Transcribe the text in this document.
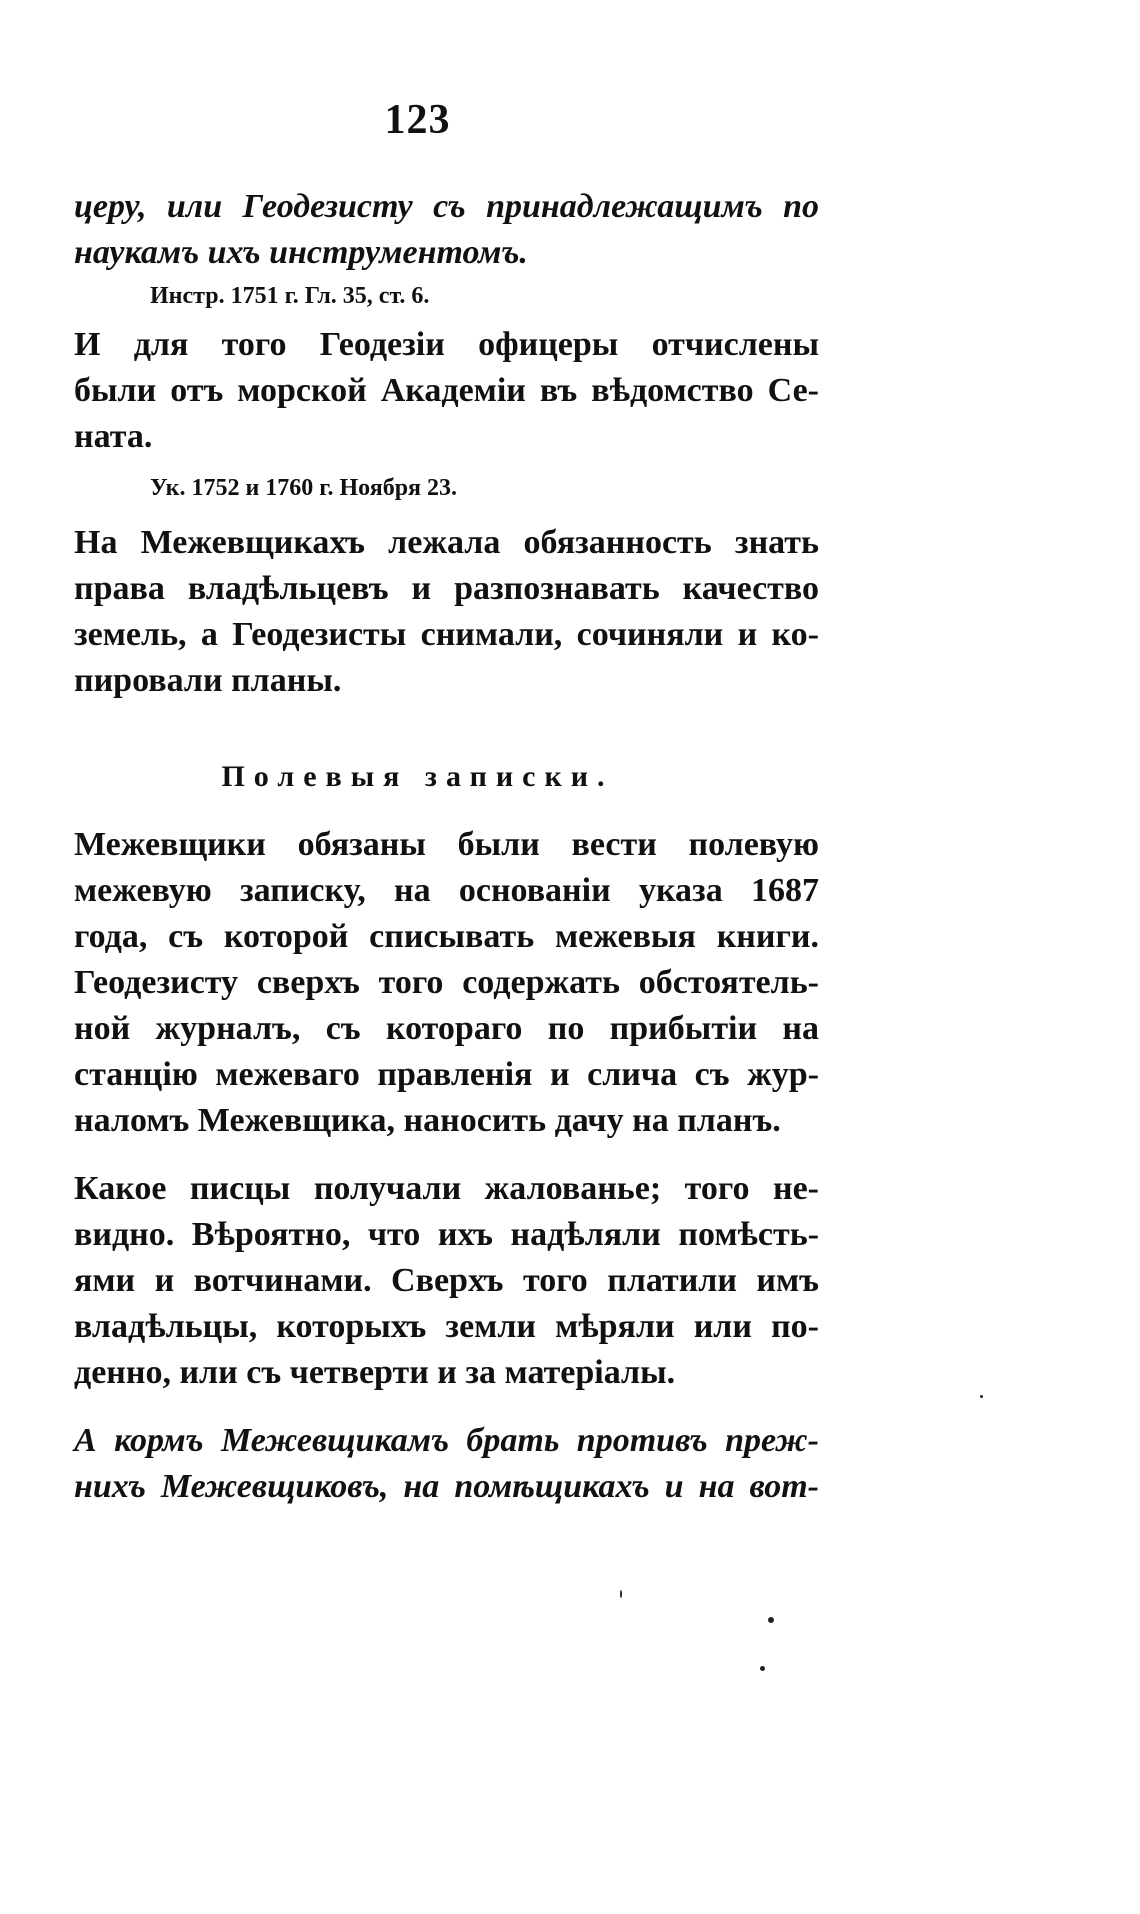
123
церу, или Геодезисту съ принадлежащимъ по
наукамъ ихъ инструментомъ.
Инстр. 1751 г. Гл. 35, ст. 6.
И для того Геодезіи офицеры отчислены
были отъ морской Академіи въ вѣдомство Се-
ната.
Ук. 1752 и 1760 г. Ноября 23.
На Межевщикахъ лежала обязанность знать
права владѣльцевъ и разпознавать качество
земель, а Геодезисты снимали, сочиняли и ко-
пировали планы.
Полевыя записки.
Межевщики обязаны были вести полевую
межевую записку, на основаніи указа 1687
года, съ которой списывать межевыя книги.
Геодезисту сверхъ того содержать обстоятель-
ной журналъ, съ котораго по прибытіи на
станцію межеваго правленія и слича съ жур-
наломъ Межевщика, наносить дачу на планъ.
Какое писцы получали жалованье; того не-
видно. Вѣроятно, что ихъ надѣляли помѣсть-
ями и вотчинами. Сверхъ того платили имъ
владѣльцы, которыхъ земли мѣряли или по-
денно, или съ четверти и за матеріалы.
А кормъ Межевщикамъ брать противъ преж-
нихъ Межевщиковъ, на помѣщикахъ и на вот-
